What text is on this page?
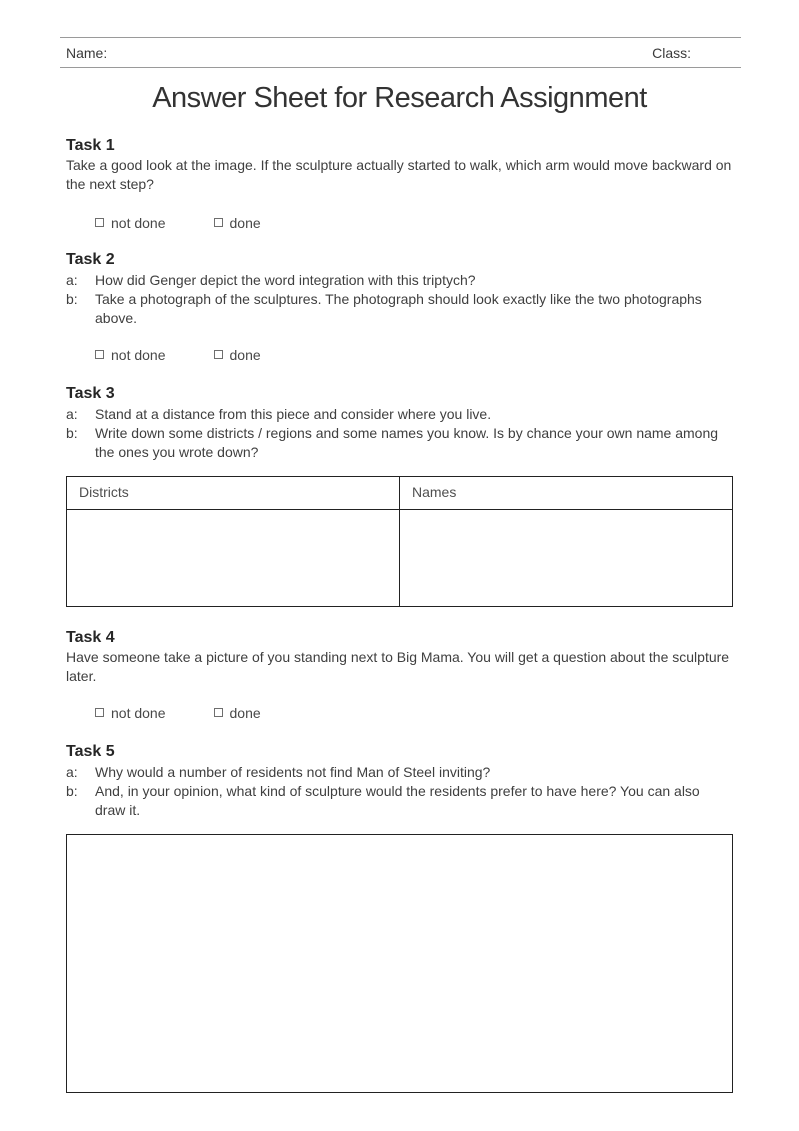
Name:	Class:
Answer Sheet for Research Assignment
Task 1
Take a good look at the image. If the sculpture actually started to walk, which arm would move backward on the next step?
not done	done
Task 2
a:	How did Genger depict the word integration with this triptych?
b:	Take a photograph of the sculptures. The photograph should look exactly like the two photographs above.
not done	done
Task 3
a:	Stand at a distance from this piece and consider where you live.
b:	Write down some districts / regions and some names you know. Is by chance your own name among the ones you wrote down?
Districts	Names

Task 4
Have someone take a picture of you standing next to Big Mama. You will get a question about the sculpture later.
not done	done
Task 5
a:	Why would a number of residents not find Man of Steel inviting?
b:	And, in your opinion, what kind of sculpture would the residents prefer to have here? You can also draw it.
